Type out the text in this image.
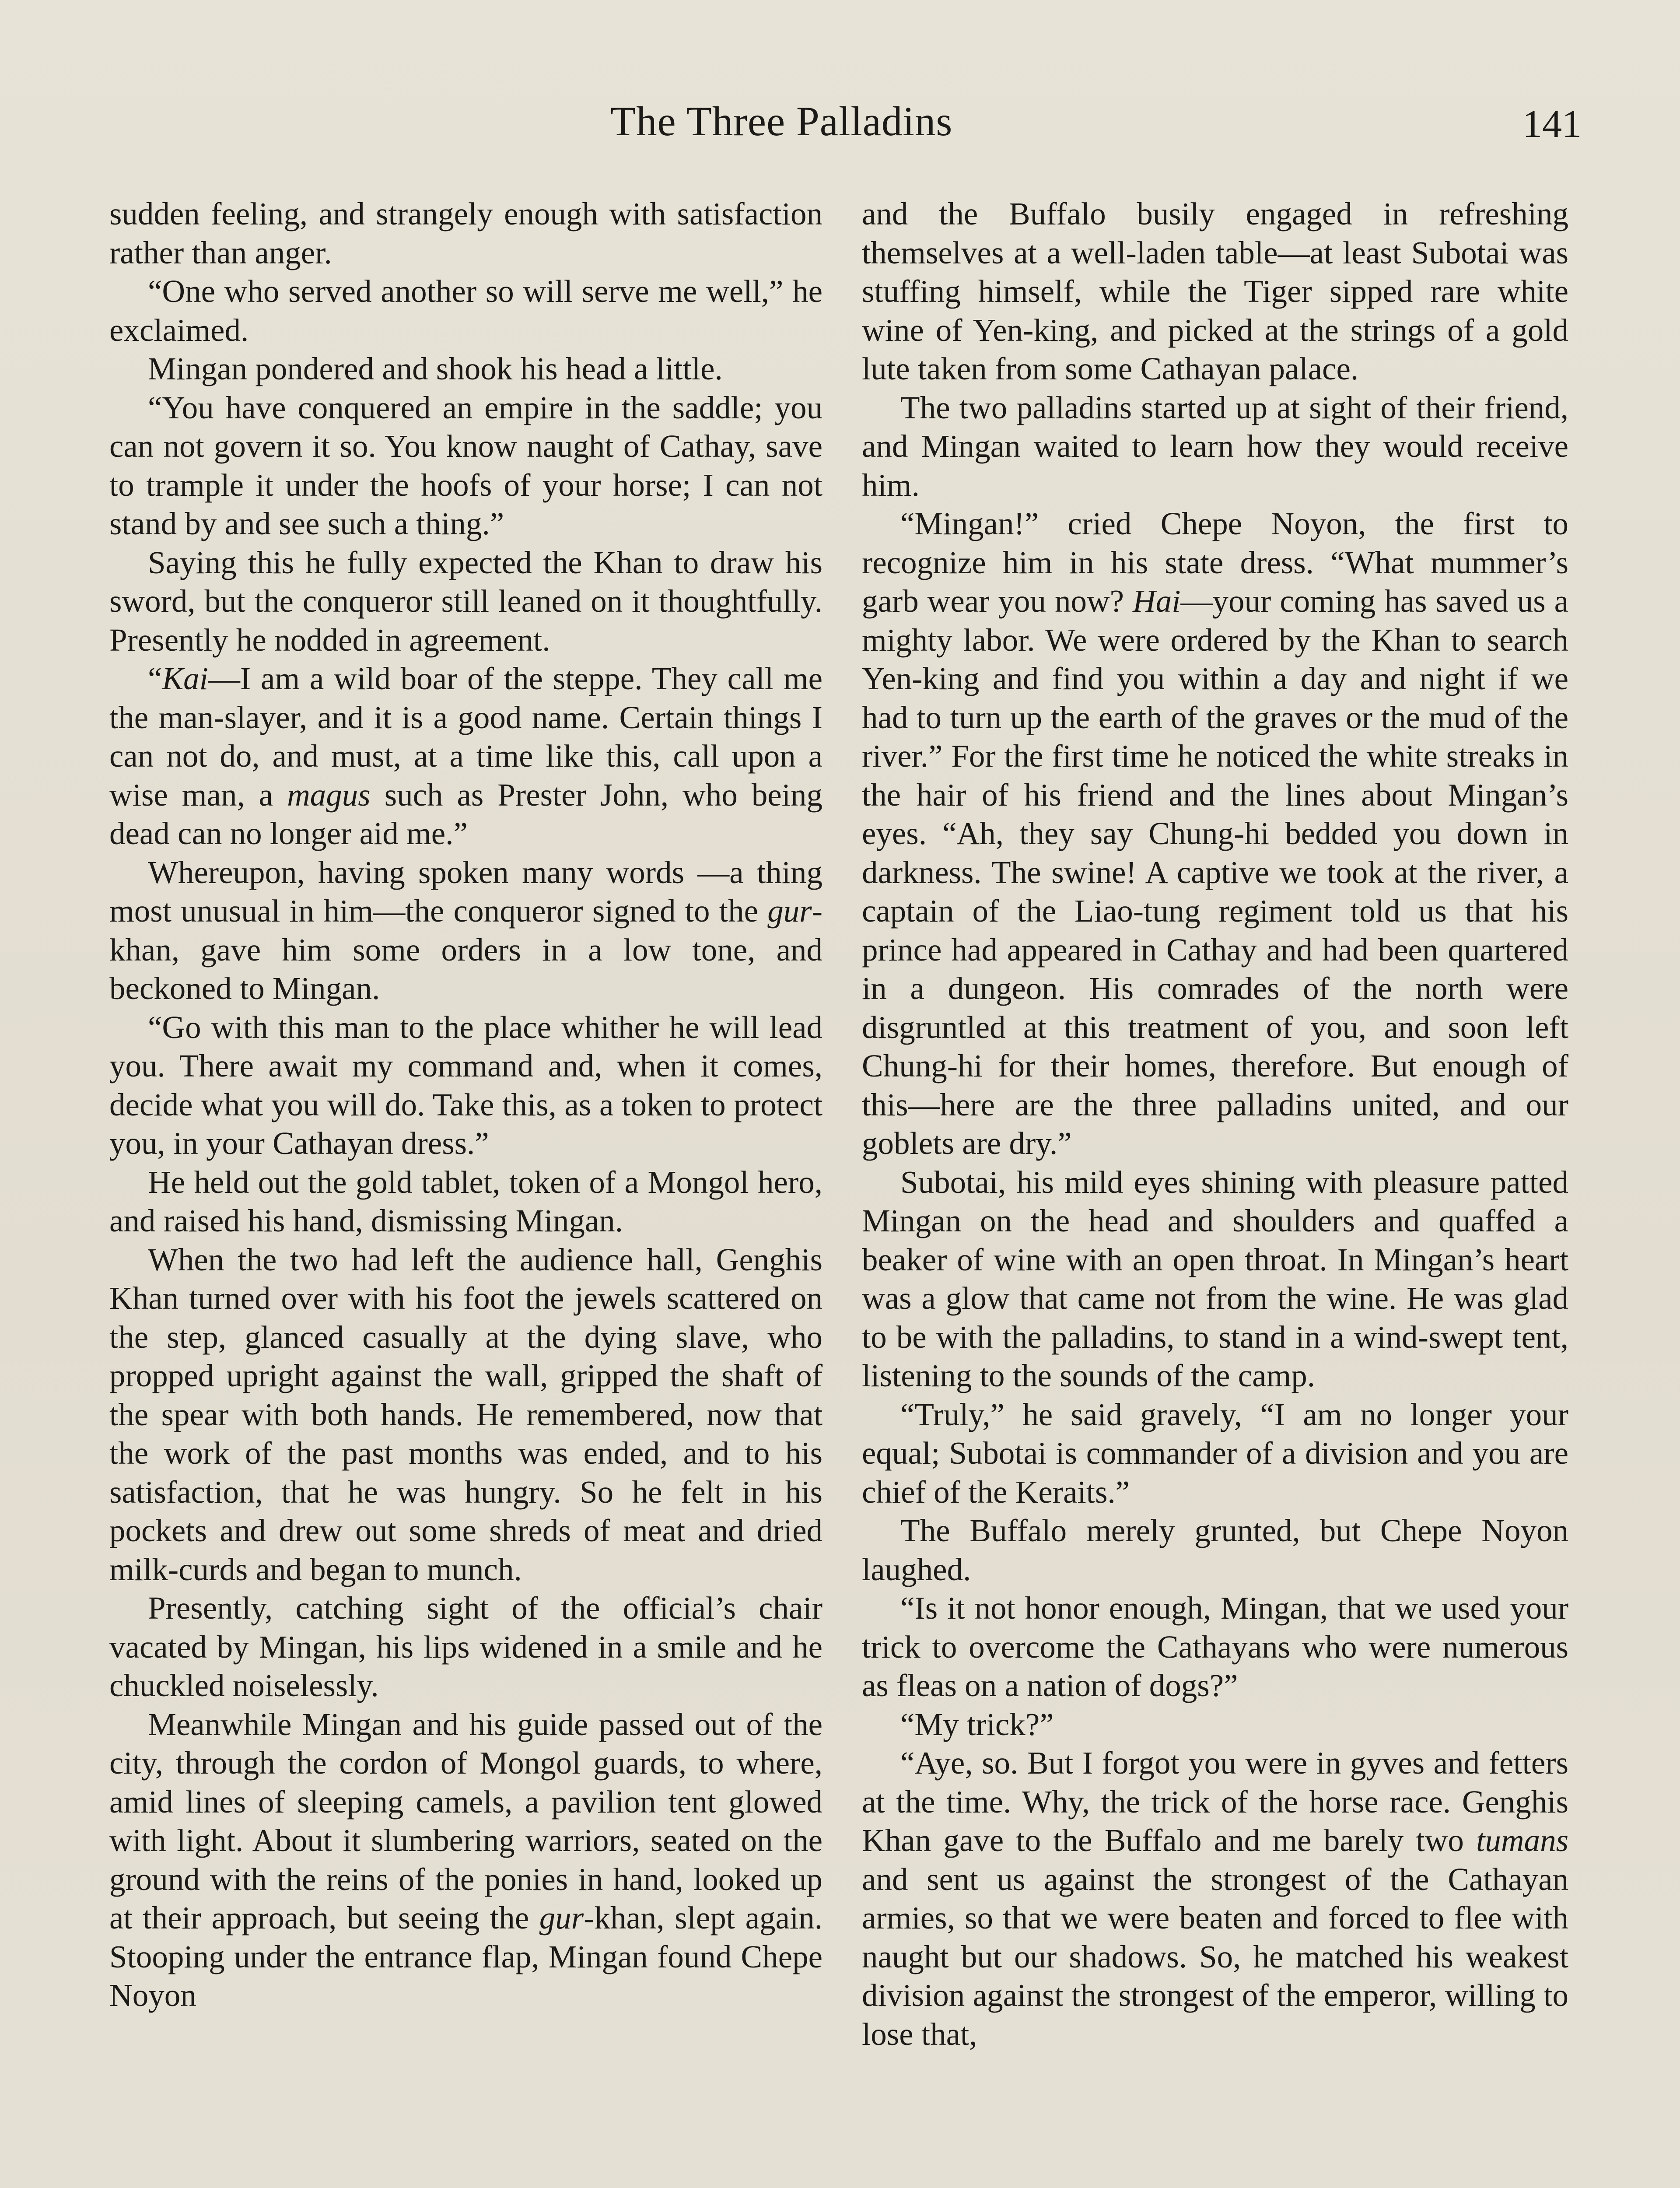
The Three Palladins	141

sudden feeling, and strangely enough with satisfaction rather than anger.

“One who served another so will serve me well,” he exclaimed.

Mingan pondered and shook his head a little.

“You have conquered an empire in the saddle; you can not govern it so. You know naught of Cathay, save to trample it under the hoofs of your horse; I can not stand by and see such a thing.”

Saying this he fully expected the Khan to draw his sword, but the conqueror still leaned on it thoughtfully. Presently he nodded in agreement.

“Kai—I am a wild boar of the steppe. They call me the man-slayer, and it is a good name. Certain things I can not do, and must, at a time like this, call upon a wise man, a magus such as Prester John, who being dead can no longer aid me.”

Whereupon, having spoken many words —a thing most unusual in him—the conqueror signed to the gur-khan, gave him some orders in a low tone, and beckoned to Mingan.

“Go with this man to the place whither he will lead you. There await my command and, when it comes, decide what you will do. Take this, as a token to protect you, in your Cathayan dress.”

He held out the gold tablet, token of a Mongol hero, and raised his hand, dismissing Mingan.

When the two had left the audience hall, Genghis Khan turned over with his foot the jewels scattered on the step, glanced casually at the dying slave, who propped upright against the wall, gripped the shaft of the spear with both hands. He remembered, now that the work of the past months was ended, and to his satisfaction, that he was hungry. So he felt in his pockets and drew out some shreds of meat and dried milk-curds and began to munch.

Presently, catching sight of the official’s chair vacated by Mingan, his lips widened in a smile and he chuckled noiselessly.

Meanwhile Mingan and his guide passed out of the city, through the cordon of Mongol guards, to where, amid lines of sleeping camels, a pavilion tent glowed with light. About it slumbering warriors, seated on the ground with the reins of the ponies in hand, looked up at their approach, but seeing the gur-khan, slept again. Stooping under the entrance flap, Mingan found Chepe Noyon

and the Buffalo busily engaged in refreshing themselves at a well-laden table—at least Subotai was stuffing himself, while the Tiger sipped rare white wine of Yen-king, and picked at the strings of a gold lute taken from some Cathayan palace.

The two palladins started up at sight of their friend, and Mingan waited to learn how they would receive him.

“Mingan!” cried Chepe Noyon, the first to recognize him in his state dress. “What mummer’s garb wear you now? Hai—your coming has saved us a mighty labor. We were ordered by the Khan to search Yen-king and find you within a day and night if we had to turn up the earth of the graves or the mud of the river.” For the first time he noticed the white streaks in the hair of his friend and the lines about Mingan’s eyes. “Ah, they say Chung-hi bedded you down in darkness. The swine! A captive we took at the river, a captain of the Liao-tung regiment told us that his prince had appeared in Cathay and had been quartered in a dungeon. His comrades of the north were disgruntled at this treatment of you, and soon left Chung-hi for their homes, therefore. But enough of this—here are the three palladins united, and our goblets are dry.”

Subotai, his mild eyes shining with pleasure patted Mingan on the head and shoulders and quaffed a beaker of wine with an open throat. In Mingan’s heart was a glow that came not from the wine. He was glad to be with the palladins, to stand in a wind-swept tent, listening to the sounds of the camp.

“Truly,” he said gravely, “I am no longer your equal; Subotai is commander of a division and you are chief of the Keraits.”

The Buffalo merely grunted, but Chepe Noyon laughed.

“Is it not honor enough, Mingan, that we used your trick to overcome the Cathayans who were numerous as fleas on a nation of dogs?”

“My trick?”

“Aye, so. But I forgot you were in gyves and fetters at the time. Why, the trick of the horse race. Genghis Khan gave to the Buffalo and me barely two tumans and sent us against the strongest of the Cathayan armies, so that we were beaten and forced to flee with naught but our shadows. So, he matched his weakest division against the strongest of the emperor, willing to lose that,
